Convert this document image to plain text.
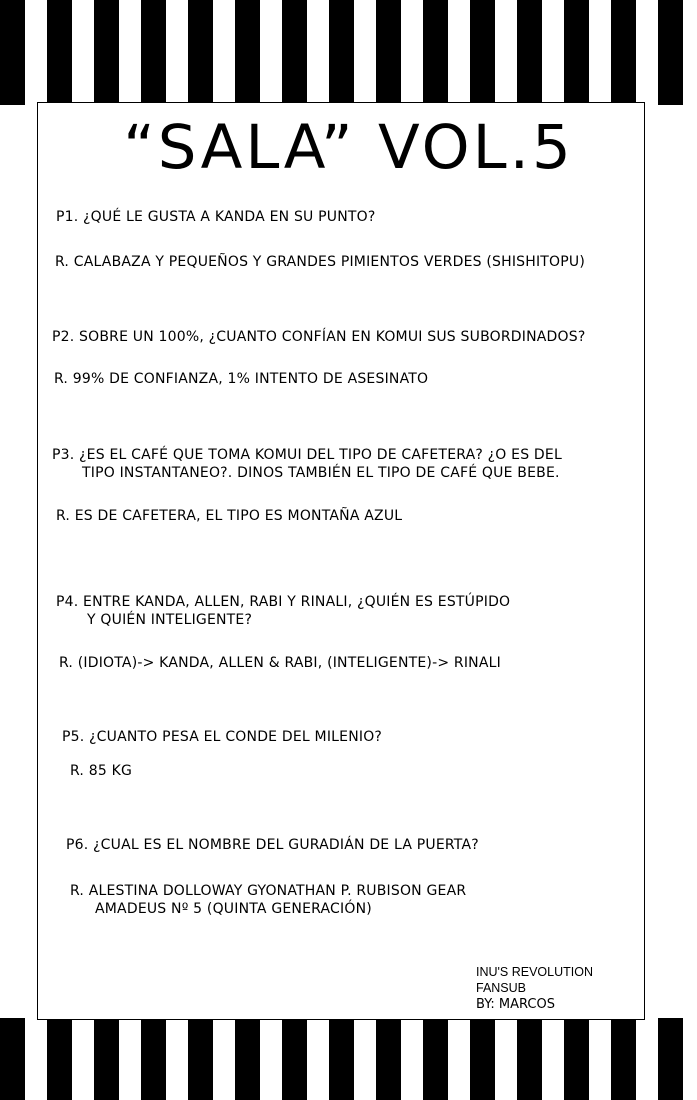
“SALA” VOL.5
P1. ¿QUÉ LE GUSTA A KANDA EN SU PUNTO?
R. CALABAZA Y PEQUEÑOS Y GRANDES PIMIENTOS VERDES (SHISHITOPU)
P2. SOBRE UN 100%, ¿CUANTO CONFÍAN EN KOMUI SUS SUBORDINADOS?
R. 99% DE CONFIANZA, 1% INTENTO DE ASESINATO
P3. ¿ES EL CAFÉ QUE TOMA KOMUI DEL TIPO DE CAFETERA? ¿O ES DEL
TIPO INSTANTANEO?. DINOS TAMBIÉN EL TIPO DE CAFÉ QUE BEBE.
R. ES DE CAFETERA, EL TIPO ES MONTAÑA AZUL
P4. ENTRE KANDA, ALLEN, RABI Y RINALI, ¿QUIÉN ES ESTÚPIDO
Y QUIÉN INTELIGENTE?
R. (IDIOTA)-> KANDA, ALLEN & RABI, (INTELIGENTE)-> RINALI
P5. ¿CUANTO PESA EL CONDE DEL MILENIO?
R. 85 KG
P6. ¿CUAL ES EL NOMBRE DEL GURADIÁN DE LA PUERTA?
R. ALESTINA DOLLOWAY GYONATHAN P. RUBISON GEAR
AMADEUS Nº 5 (QUINTA GENERACIÓN)
INU'S REVOLUTION
FANSUB
BY: MARCOS
